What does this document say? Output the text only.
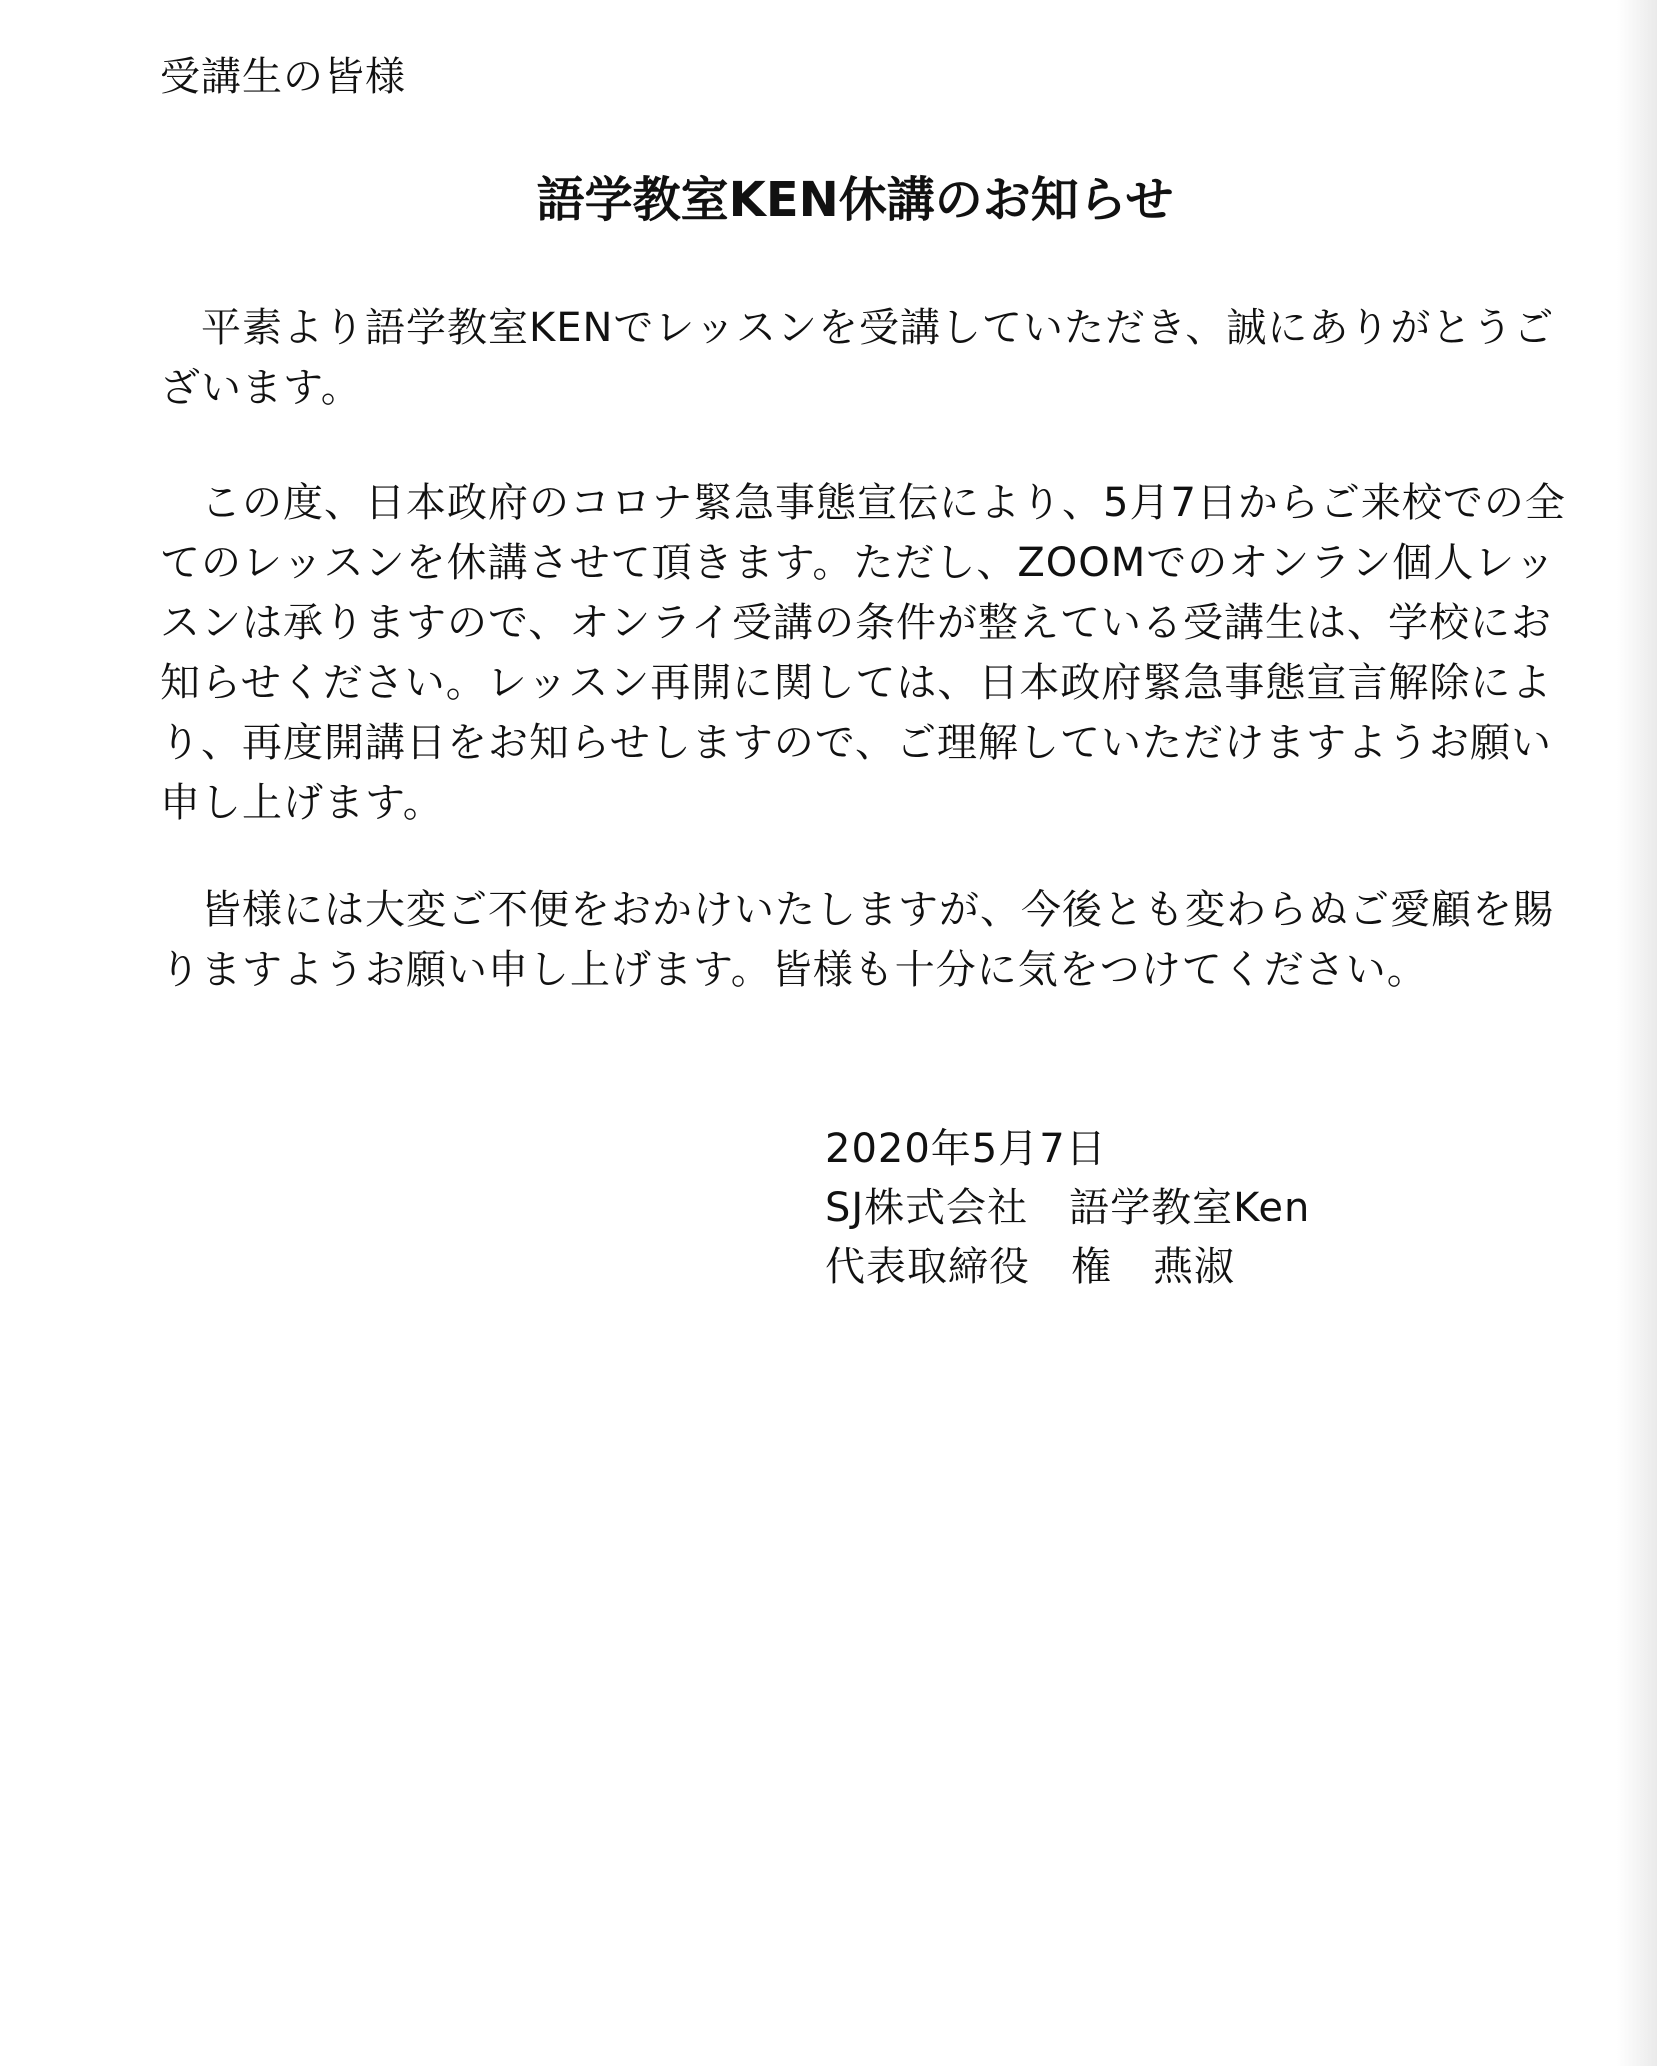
受講生の皆様
語学教室KEN休講のお知らせ
　平素より語学教室KENでレッスンを受講していただき、誠にありがとうご
ざいます。
　この度、日本政府のコロナ緊急事態宣伝により、5月7日からご来校での全
てのレッスンを休講させて頂きます。ただし、ZOOMでのオンラン個人レッ
スンは承りますので、オンライ受講の条件が整えている受講生は、学校にお
知らせください。レッスン再開に関しては、日本政府緊急事態宣言解除によ
り、再度開講日をお知らせしますので、ご理解していただけますようお願い
申し上げます。
　皆様には大変ご不便をおかけいたしますが、今後とも変わらぬご愛顧を賜
りますようお願い申し上げます。皆様も十分に気をつけてください。
2020年5月7日
SJ株式会社　語学教室Ken
代表取締役　権　燕淑
